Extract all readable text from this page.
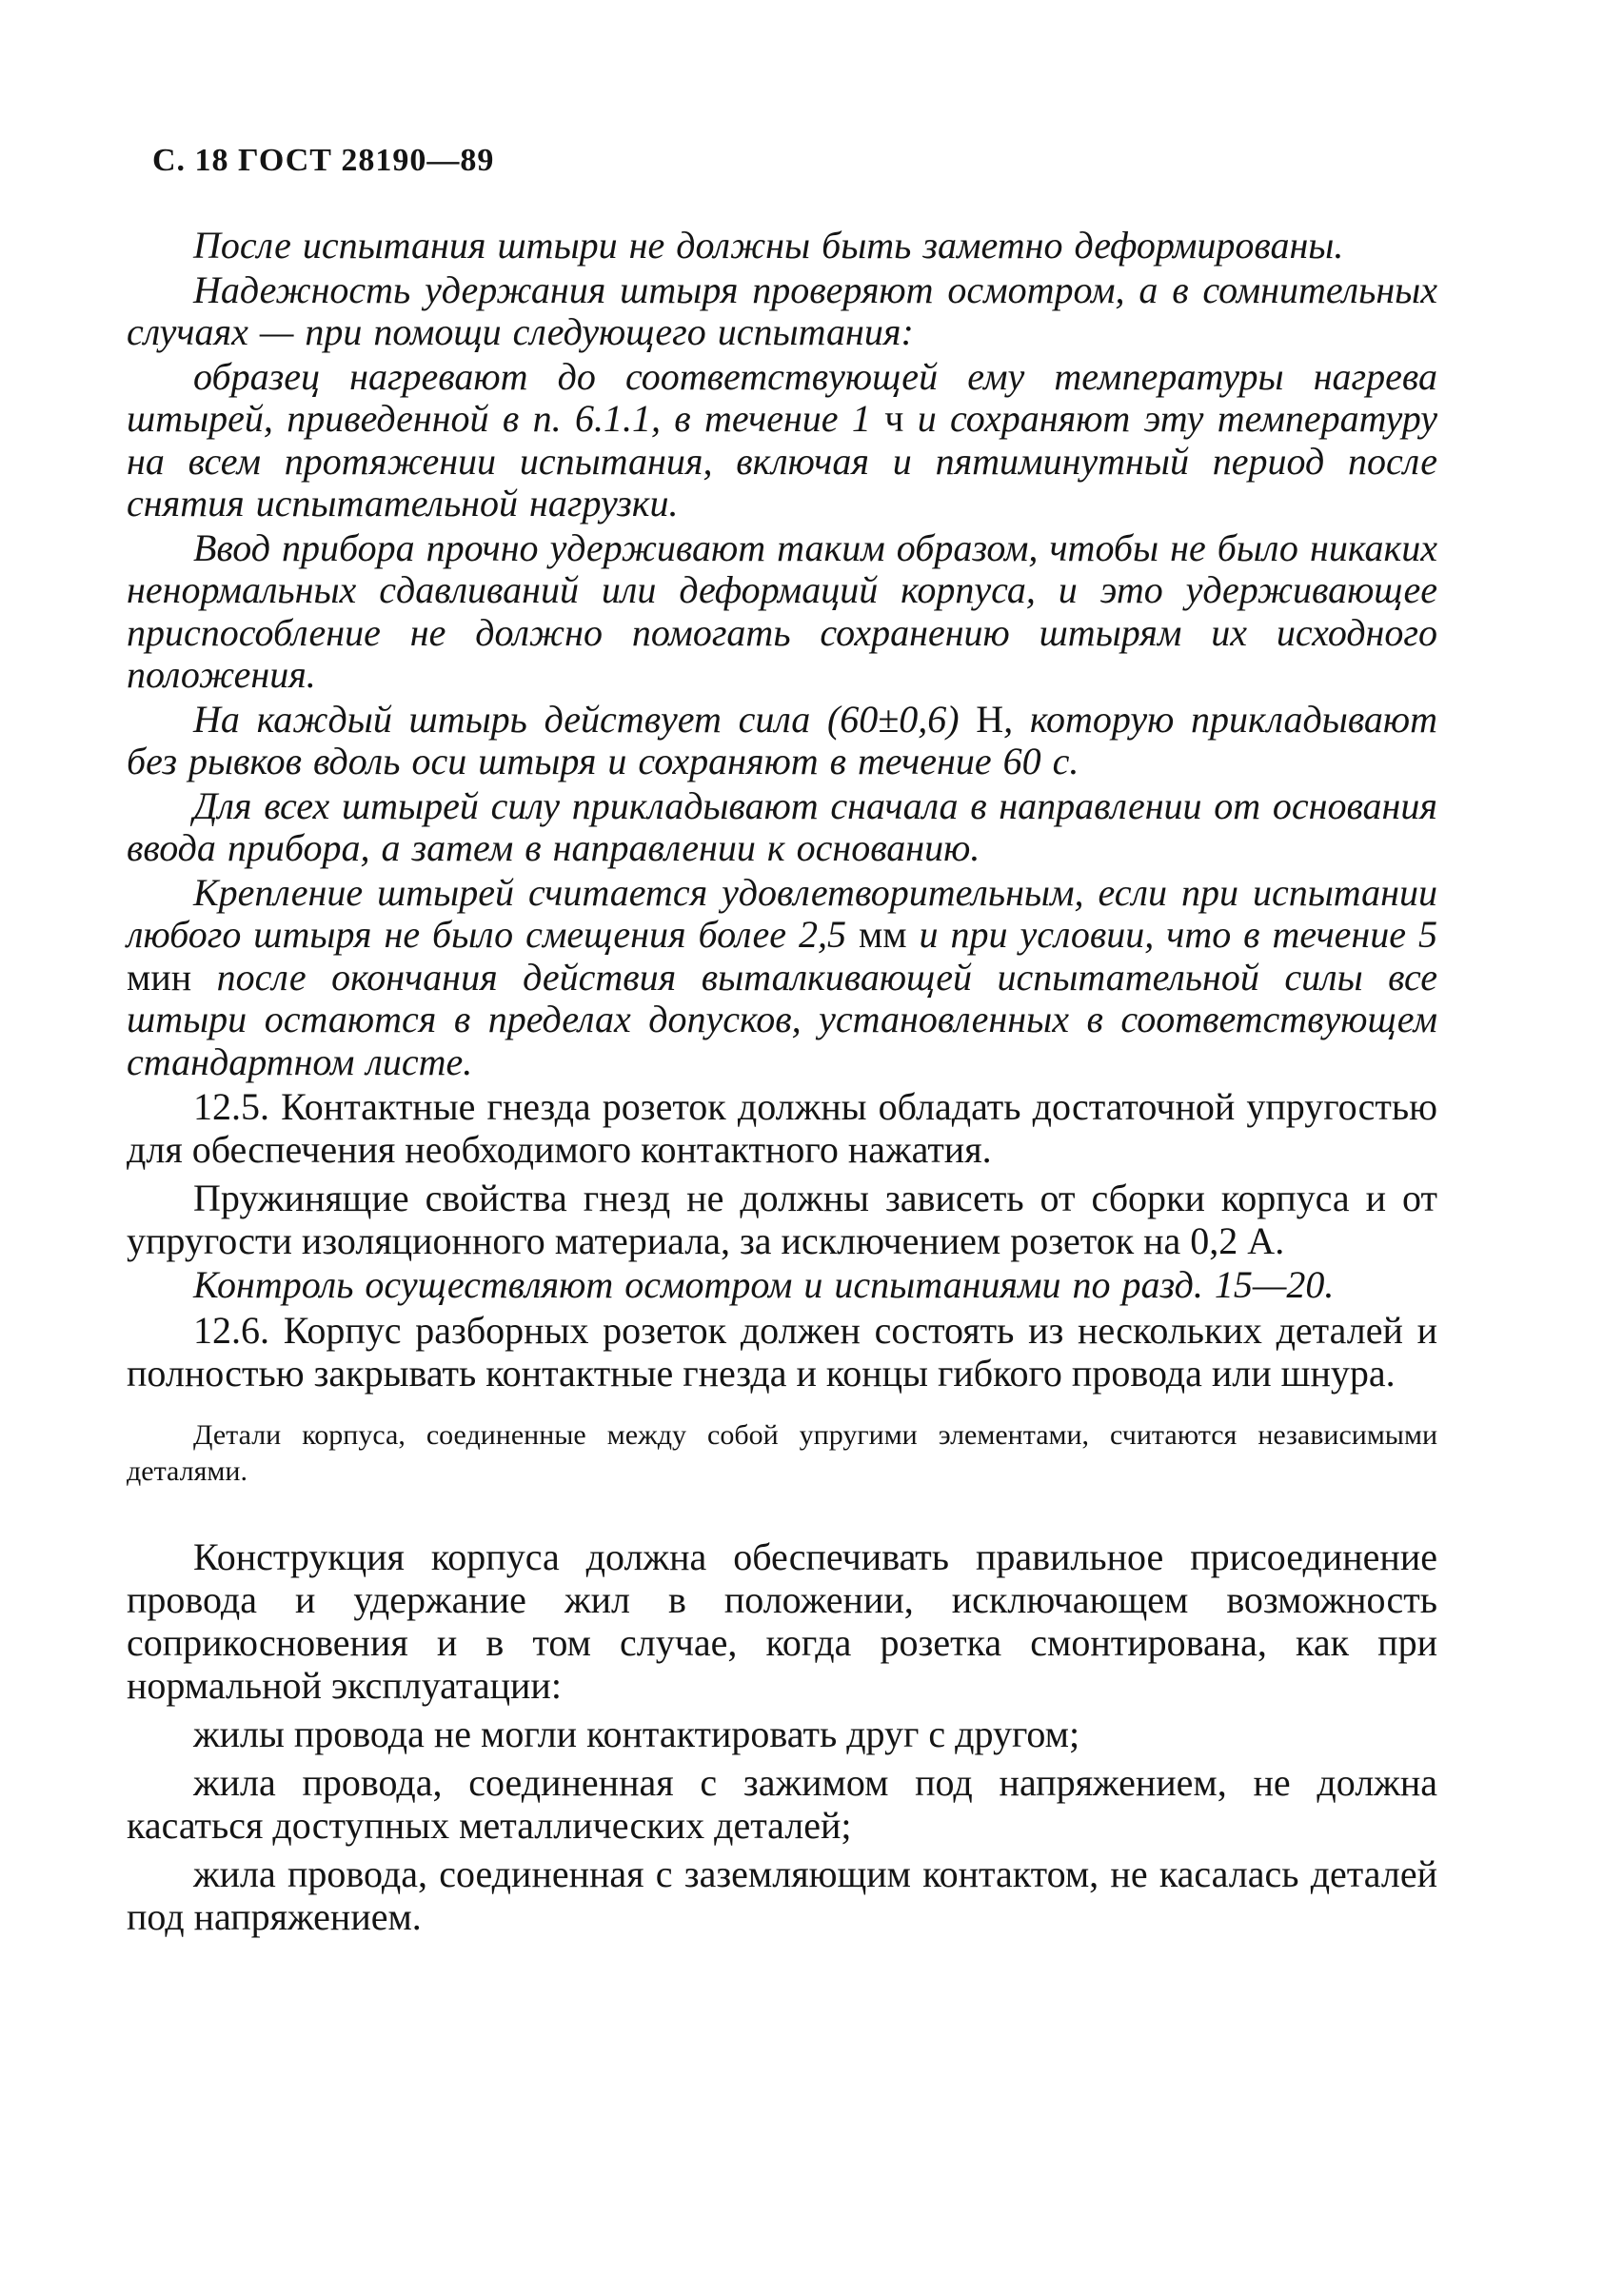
С. 18 ГОСТ 28190—89

После испытания штыри не должны быть заметно деформированы.

Надежность удержания штыря проверяют осмотром, а в сомнительных случаях — при помощи следующего испытания:

образец нагревают до соответствующей ему температуры нагрева штырей, приведенной в п. 6.1.1, в течение 1 ч и сохраняют эту температуру на всем протяжении испытания, включая и пятиминутный период после снятия испытательной нагрузки.

Ввод прибора прочно удерживают таким образом, чтобы не было никаких ненормальных сдавливаний или деформаций корпуса, и это удерживающее приспособление не должно помогать сохранению штырям их исходного положения.

На каждый штырь действует сила (60±0,6) Н, которую прикладывают без рывков вдоль оси штыря и сохраняют в течение 60 с.

Для всех штырей силу прикладывают сначала в направлении от основания ввода прибора, а затем в направлении к основанию.

Крепление штырей считается удовлетворительным, если при испытании любого штыря не было смещения более 2,5 мм и при условии, что в течение 5 мин после окончания действия выталкивающей испытательной силы все штыри остаются в пределах допусков, установленных в соответствующем стандартном листе.

12.5. Контактные гнезда розеток должны обладать достаточной упругостью для обеспечения необходимого контактного нажатия.

Пружинящие свойства гнезд не должны зависеть от сборки корпуса и от упругости изоляционного материала, за исключением розеток на 0,2 А.

Контроль осуществляют осмотром и испытаниями по разд. 15—20.

12.6. Корпус разборных розеток должен состоять из нескольких деталей и полностью закрывать контактные гнезда и концы гибкого провода или шнура.

Детали корпуса, соединенные между собой упругими элементами, считаются независимыми деталями.

Конструкция корпуса должна обеспечивать правильное присоединение провода и удержание жил в положении, исключающем возможность соприкосновения и в том случае, когда розетка смонтирована, как при нормальной эксплуатации:

жилы провода не могли контактировать друг с другом;

жила провода, соединенная с зажимом под напряжением, не должна касаться доступных металлических деталей;

жила провода, соединенная с заземляющим контактом, не касалась деталей под напряжением.
